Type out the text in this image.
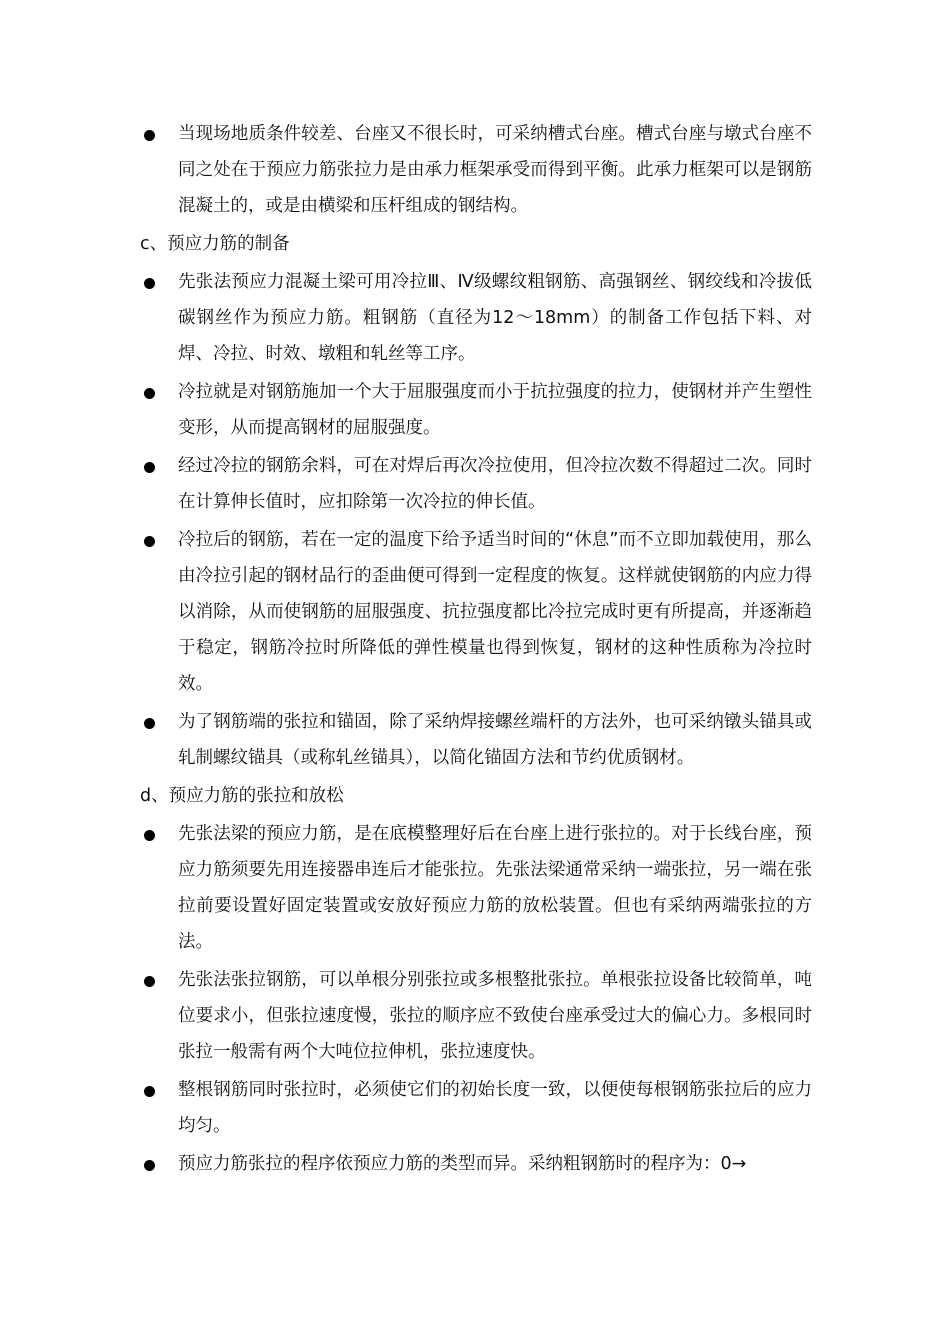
当现场地质条件较差、台座又不很长时，可采纳槽式台座。槽式台座与墩式台座不同之处在于预应力筋张拉力是由承力框架承受而得到平衡。此承力框架可以是钢筋混凝土的，或是由横梁和压杆组成的钢结构。

c、预应力筋的制备

先张法预应力混凝土梁可用冷拉Ⅲ、Ⅳ级螺纹粗钢筋、高强钢丝、钢绞线和冷拔低碳钢丝作为预应力筋。粗钢筋（直径为12～18mm）的制备工作包括下料、对焊、冷拉、时效、墩粗和轧丝等工序。

冷拉就是对钢筋施加一个大于屈服强度而小于抗拉强度的拉力，使钢材并产生塑性变形，从而提高钢材的屈服强度。

经过冷拉的钢筋余料，可在对焊后再次冷拉使用，但冷拉次数不得超过二次。同时在计算伸长值时，应扣除第一次冷拉的伸长值。

冷拉后的钢筋，若在一定的温度下给予适当时间的“休息”而不立即加载使用，那么由冷拉引起的钢材品行的歪曲便可得到一定程度的恢复。这样就使钢筋的内应力得以消除，从而使钢筋的屈服强度、抗拉强度都比冷拉完成时更有所提高，并逐渐趋于稳定，钢筋冷拉时所降低的弹性模量也得到恢复，钢材的这种性质称为冷拉时效。

为了钢筋端的张拉和锚固，除了采纳焊接螺丝端杆的方法外，也可采纳镦头锚具或轧制螺纹锚具（或称轧丝锚具），以简化锚固方法和节约优质钢材。

d、预应力筋的张拉和放松

先张法梁的预应力筋，是在底模整理好后在台座上进行张拉的。对于长线台座，预应力筋须要先用连接器串连后才能张拉。先张法梁通常采纳一端张拉，另一端在张拉前要设置好固定装置或安放好预应力筋的放松装置。但也有采纳两端张拉的方法。

先张法张拉钢筋，可以单根分别张拉或多根整批张拉。单根张拉设备比较简单，吨位要求小，但张拉速度慢，张拉的顺序应不致使台座承受过大的偏心力。多根同时张拉一般需有两个大吨位拉伸机，张拉速度快。

整根钢筋同时张拉时，必须使它们的初始长度一致，以便使每根钢筋张拉后的应力均匀。

预应力筋张拉的程序依预应力筋的类型而异。采纳粗钢筋时的程序为：0→
